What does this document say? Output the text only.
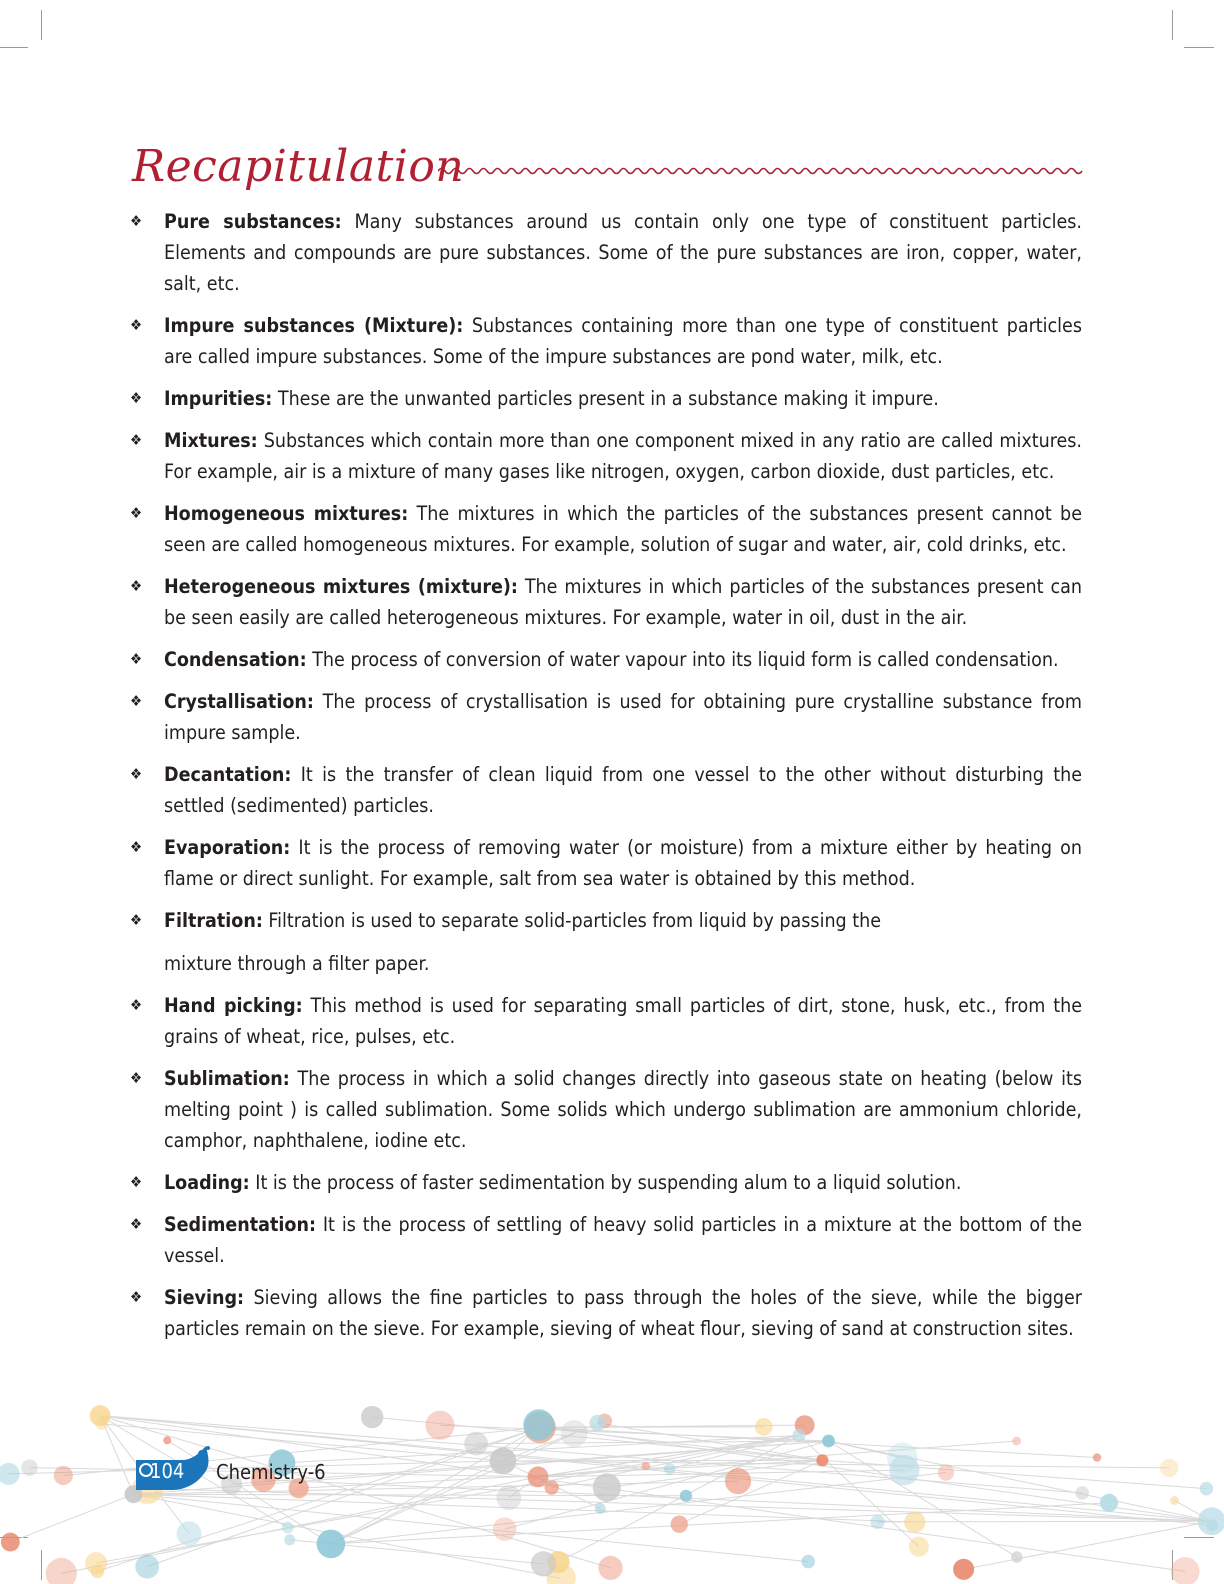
Recapitulation
❖ Pure substances: Many substances around us contain only one type of constituent particles. Elements and compounds are pure substances. Some of the pure substances are iron, copper, water, salt, etc.
❖ Impure substances (Mixture): Substances containing more than one type of constituent particles are called impure substances. Some of the impure substances are pond water, milk, etc.
❖ Impurities: These are the unwanted particles present in a substance making it impure.
❖ Mixtures: Substances which contain more than one component mixed in any ratio are called mixtures. For example, air is a mixture of many gases like nitrogen, oxygen, carbon dioxide, dust particles, etc.
❖ Homogeneous mixtures: The mixtures in which the particles of the substances present cannot be seen are called homogeneous mixtures. For example, solution of sugar and water, air, cold drinks, etc.
❖ Heterogeneous mixtures (mixture): The mixtures in which particles of the substances present can be seen easily are called heterogeneous mixtures. For example, water in oil, dust in the air.
❖ Condensation: The process of conversion of water vapour into its liquid form is called condensation.
❖ Crystallisation: The process of crystallisation is used for obtaining pure crystalline substance from impure sample.
❖ Decantation: It is the transfer of clean liquid from one vessel to the other without disturbing the settled (sedimented) particles.
❖ Evaporation: It is the process of removing water (or moisture) from a mixture either by heating on flame or direct sunlight. For example, salt from sea water is obtained by this method.
❖ Filtration: Filtration is used to separate solid-particles from liquid by passing the
mixture through a filter paper.
❖ Hand picking: This method is used for separating small particles of dirt, stone, husk, etc., from the grains of wheat, rice, pulses, etc.
❖ Sublimation: The process in which a solid changes directly into gaseous state on heating (below its melting point ) is called sublimation. Some solids which undergo sublimation are ammonium chloride, camphor, naphthalene, iodine etc.
❖ Loading: It is the process of faster sedimentation by suspending alum to a liquid solution.
❖ Sedimentation: It is the process of settling of heavy solid particles in a mixture at the bottom of the vessel.
❖ Sieving: Sieving allows the fine particles to pass through the holes of the sieve, while the bigger particles remain on the sieve. For example, sieving of wheat flour, sieving of sand at construction sites.
104 Chemistry-6
